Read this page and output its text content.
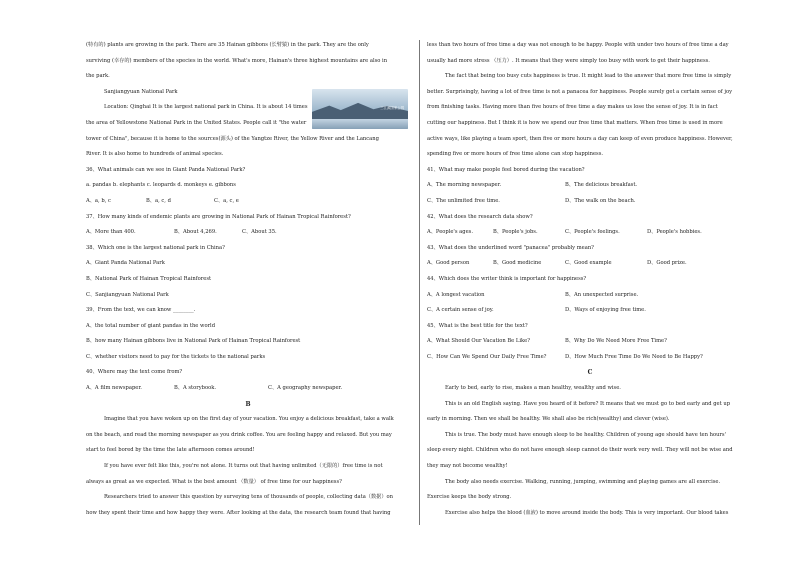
(特有的) plants are growing in the park. There are 35 Hainan gibbons (长臂猿) in the park. They are the only

surviving (幸存的) members of the species in the world. What's more, Hainan's three highest mountains are also in

the park.

Sanjiangyuan National Park

Location: Qinghai It is the largest national park in China. It is about 14 times

the area of Yellowstone National Park in the United States. People call it "the water

tower of China", because it is home to the sources(源头) of the Yangtze River, the Yellow River and the Lancang

River. It is also home to hundreds of animal species.

三江源国家公园

36、What animals can we see in Giant Panda National Park?

a. pandas b. elephants c. leopards d. monkeys e. gibbons

A、a, b, c	B、a, c, d	C、a, c, e

37、How many kinds of endemic plants are growing in National Park of Hainan Tropical Rainforest?

A、More than 400.	B、About 4,269.	C、About 35.

38、Which one is the largest national park in China?

A、Giant Panda National Park

B、National Park of Hainan Tropical Rainforest

C、Sanjiangyuan National Park

39、From the text, we can know ________.

A、the total number of giant pandas in the world

B、how many Hainan gibbons live in National Park of Hainan Tropical Rainforest

C、whether visitors need to pay for the tickets to the national parks

40、Where may the text come from?

A、A film newspaper.	B、A storybook.	C、A geography newspaper.

B

Imagine that you have woken up on the first day of your vacation. You enjoy a delicious breakfast, take a walk

on the beach, and read the morning newspaper as you drink coffee. You are feeling happy and relaxed. But you may

start to feel bored by the time the late afternoon comes around!

If you have ever felt like this, you're not alone. It turns out that having unlimited（无限的）free time is not

always as great as we expected. What is the best amount （数量） of free time for our happiness?

Researchers tried to answer this question by surveying tens of thousands of people, collecting data（数据）on

how they spent their time and how happy they were. After looking at the data, the research team found that having

less than two hours of free time a day was not enough to be happy. People with under two hours of free time a day

usually had more stress （压力）. It means that they were simply too busy with work to get their happiness.

The fact that being too busy cuts happiness is true. It might lead to the answer that more free time is simply

better. Surprisingly, having a lot of free time is not a panacea for happiness. People surely get a certain sense of joy

from finishing tasks. Having more than five hours of free time a day makes us lose the sense of joy. It is in fact

cutting our happiness. But I think it is how we spend our free time that matters. When free time is used in more

active ways, like playing a team sport, then five or more hours a day can keep of even produce happiness. However,

spending five or more hours of free time alone can stop happiness.

41、What may make people feel bored during the vacation?

A、The morning newspaper.	B、The delicious breakfast.
C、The unlimited free time.	D、The walk on the beach.

42、What does the research data show?

A、People's ages.	B、People's jobs.	C、People's feelings.	D、People's hobbies.

43、What does the underlined word "panacea" probably mean?

A、Good person	B、Good medicine	C、Good example	D、Good prize.

44、Which does the writer think is important for happiness?

A、A longest vacation	B、An unexpected surprise.
C、A certain sense of joy.	D、Ways of enjoying free time.

45、What is the best title for the text?

A、What Should Our Vacation Be Like?	B、Why Do We Need More Free Time?
C、How Can We Spend Our Daily Free Time?	D、How Much Free Time Do We Need to Be Happy?

C

Early to bed, early to rise, makes a man healthy, wealthy and wise.

This is an old English saying. Have you heard of it before? It means that we must go to bed early and get up

early in morning. Then we shall be healthy. We shall also be rich(wealthy) and clever (wise).

This is true. The body must have enough sleep to be healthy. Children of young age should have ten hours'

sleep every night. Children who do not have enough sleep cannot do their work very well. They will not be wise and

they may not become wealthy!

The body also needs exercise. Walking, running, jumping, swimming and playing games are all exercise.

Exercise keeps the body strong.

Exercise also helps the blood (血液) to move around inside the body. This is very important. Our blood takes
